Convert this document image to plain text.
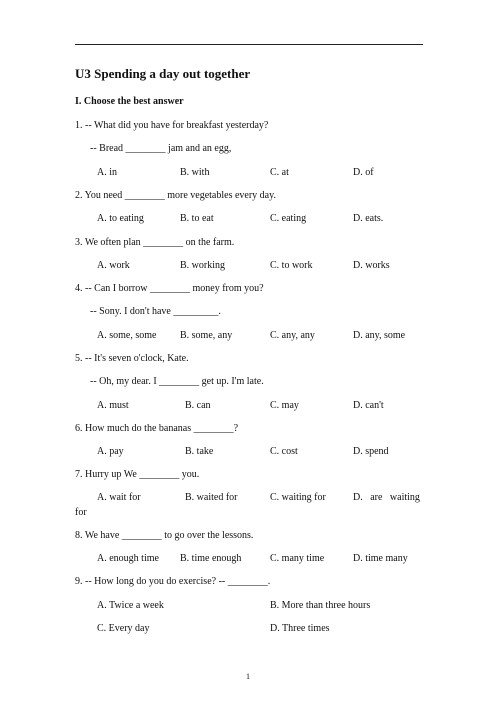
U3 Spending a day out together
I. Choose the best answer
1. -- What did you have for breakfast yesterday?
-- Bread ________ jam and an egg,
A. in	B. with	C. at	D. of
2. You need ________ more vegetables every day.
A. to eating	B. to eat	C. eating	D. eats.
3. We often plan ________ on the farm.
A. work	B. working	C. to work	D. works
4. -- Can I borrow ________ money from you?
-- Sony. I don't have _________.
A. some, some B. some, any	C. any, any	D. any, some
5. -- It's seven o'clock, Kate.
-- Oh, my dear. I ________ get up. I'm late.
A. must	B. can	C. may	D. can't
6. How much do the bananas ________?
A. pay	B. take	C. cost	D. spend
7. Hurry up We ________ you.
A. wait for	B. waited for	C. waiting for	D.   are   waiting
for
8. We have ________ to go over the lessons.
A. enough time B. time enough	C. many time	D. time many
9. -- How long do you do exercise? -- ________.
A. Twice a week	B. More than three hours
C. Every day	D. Three times
1
